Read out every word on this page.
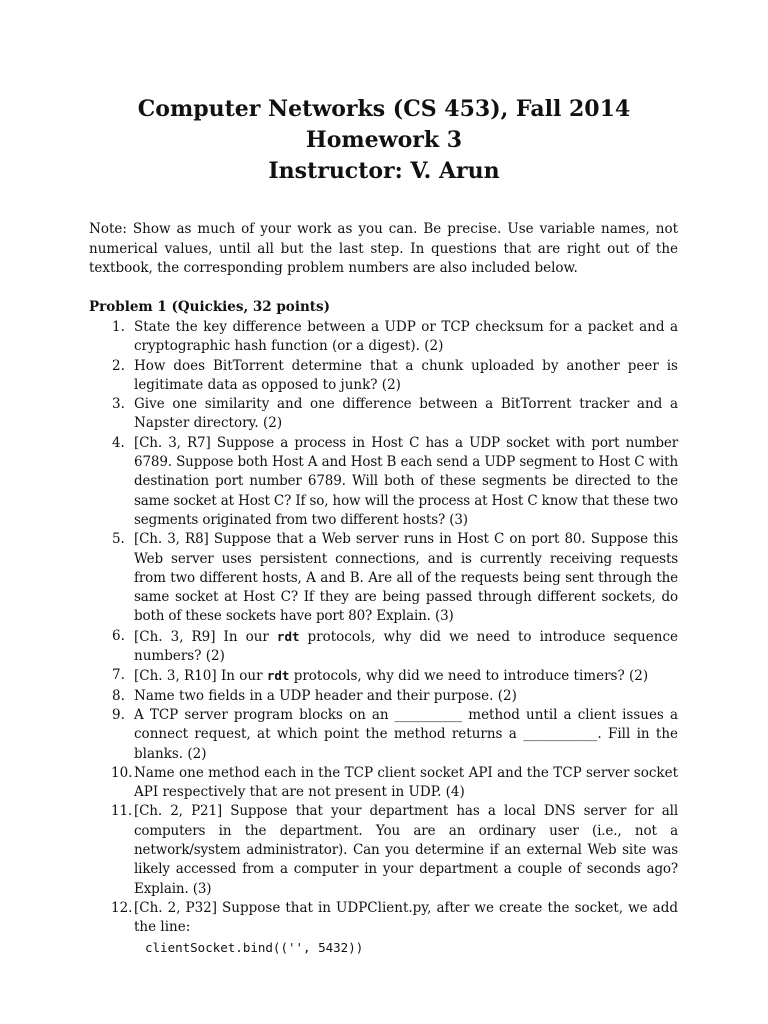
Computer Networks (CS 453), Fall 2014
Homework 3
Instructor: V. Arun
Note: Show as much of your work as you can. Be precise. Use variable names, not numerical values, until all but the last step. In questions that are right out of the textbook, the corresponding problem numbers are also included below.
Problem 1 (Quickies, 32 points)
1. State the key difference between a UDP or TCP checksum for a packet and a cryptographic hash function (or a digest). (2)
2. How does BitTorrent determine that a chunk uploaded by another peer is legitimate data as opposed to junk? (2)
3. Give one similarity and one difference between a BitTorrent tracker and a Napster directory. (2)
4. [Ch. 3, R7] Suppose a process in Host C has a UDP socket with port number 6789. Suppose both Host A and Host B each send a UDP segment to Host C with destination port number 6789. Will both of these segments be directed to the same socket at Host C? If so, how will the process at Host C know that these two segments originated from two different hosts? (3)
5. [Ch. 3, R8] Suppose that a Web server runs in Host C on port 80. Suppose this Web server uses persistent connections, and is currently receiving requests from two different hosts, A and B. Are all of the requests being sent through the same socket at Host C? If they are being passed through different sockets, do both of these sockets have port 80? Explain. (3)
6. [Ch. 3, R9] In our rdt protocols, why did we need to introduce sequence numbers? (2)
7. [Ch. 3, R10] In our rdt protocols, why did we need to introduce timers? (2)
8. Name two fields in a UDP header and their purpose. (2)
9. A TCP server program blocks on an __________ method until a client issues a connect request, at which point the method returns a ___________. Fill in the blanks. (2)
10. Name one method each in the TCP client socket API and the TCP server socket API respectively that are not present in UDP. (4)
11. [Ch. 2, P21] Suppose that your department has a local DNS server for all computers in the department. You are an ordinary user (i.e., not a network/system administrator). Can you determine if an external Web site was likely accessed from a computer in your department a couple of seconds ago? Explain. (3)
12. [Ch. 2, P32] Suppose that in UDPClient.py, after we create the socket, we add the line:
clientSocket.bind(('', 5432))
